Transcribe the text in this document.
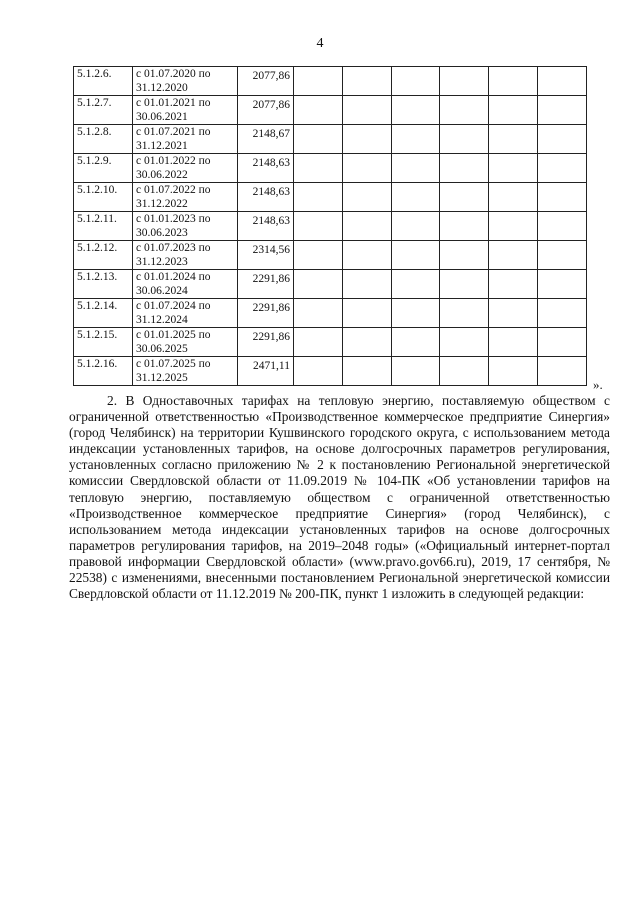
4
5.1.2.6.	с 01.07.2020 по 31.12.2020	2077,86						

5.1.2.7.	с 01.01.2021 по 30.06.2021	2077,86						

5.1.2.8.	с 01.07.2021 по 31.12.2021	2148,67						

5.1.2.9.	с 01.01.2022 по 30.06.2022	2148,63						

5.1.2.10.	с 01.07.2022 по 31.12.2022	2148,63						

5.1.2.11.	с 01.01.2023 по 30.06.2023	2148,63						

5.1.2.12.	с 01.07.2023 по 31.12.2023	2314,56						

5.1.2.13.	с 01.01.2024 по 30.06.2024	2291,86						

5.1.2.14.	с 01.07.2024 по 31.12.2024	2291,86						

5.1.2.15.	с 01.01.2025 по 30.06.2025	2291,86						

5.1.2.16.	с 01.07.2025 по 31.12.2025	2471,11						

».
2. В Одноставочных тарифах на тепловую энергию, поставляемую обществом с ограниченной ответственностью «Производственное коммерческое предприятие Синергия» (город Челябинск) на территории Кушвинского городского округа, с использованием метода индексации установленных тарифов, на основе долгосрочных параметров регулирования, установленных согласно приложению № 2 к постановлению Региональной энергетической комиссии Свердловской области от 11.09.2019 № 104-ПК «Об установлении тарифов на тепловую энергию, поставляемую обществом с ограниченной ответственностью «Производственное коммерческое предприятие Синергия» (город Челябинск), с использованием метода индексации установленных тарифов на основе долгосрочных параметров регулирования тарифов, на 2019–2048 годы» («Официальный интернет-портал правовой информации Свердловской области» (www.pravo.gov66.ru), 2019, 17 сентября, № 22538) с изменениями, внесенными постановлением Региональной энергетической комиссии Свердловской области от 11.12.2019 № 200-ПК, пункт 1 изложить в следующей редакции:
